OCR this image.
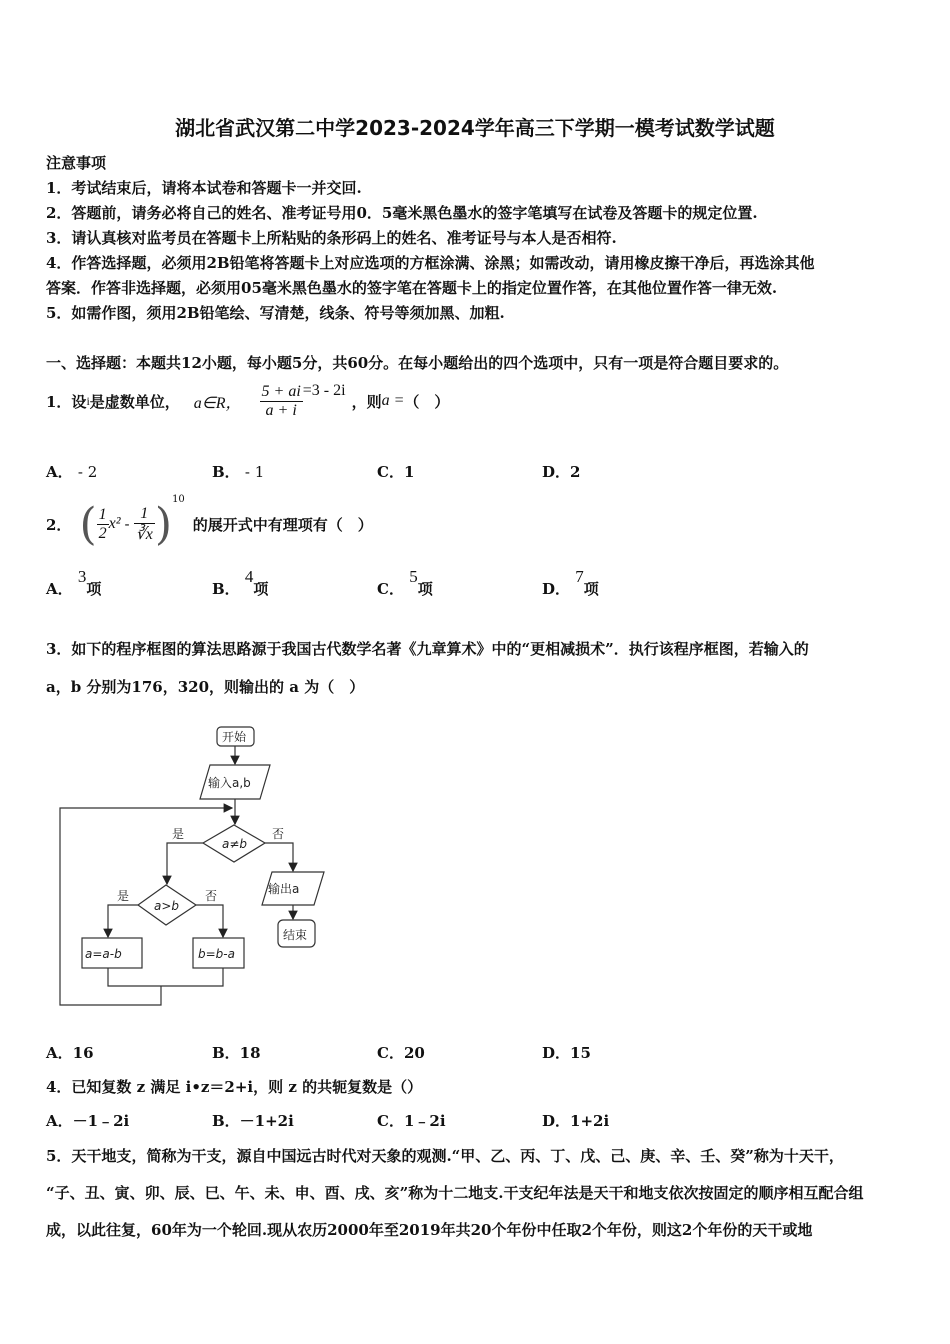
湖北省武汉第二中学2023-2024学年高三下学期一模考试数学试题
注意事项
1．考试结束后，请将本试卷和答题卡一并交回.
2．答题前，请务必将自己的姓名、准考证号用0．5毫米黑色墨水的签字笔填写在试卷及答题卡的规定位置.
3．请认真核对监考员在答题卡上所粘贴的条形码上的姓名、准考证号与本人是否相符.
4．作答选择题，必须用2B铅笔将答题卡上对应选项的方框涂满、涂黑；如需改动，请用橡皮擦干净后，再选涂其他
答案．作答非选择题，必须用05毫米黑色墨水的签字笔在答题卡上的指定位置作答，在其他位置作答一律无效.
5．如需作图，须用2B铅笔绘、写清楚，线条、符号等须加黑、加粗.
一、选择题：本题共12小题，每小题5分，共60分。在每小题给出的四个选项中，只有一项是符合题目要求的。
1．设 i 是虚数单位， a∈R， $\frac{5 + ai}{a + i} =3 - 2i$
，则 a = （　）
A． - 2	B． - 1	C．1	D．2
2． ( $\frac{1}{2} x^2 - \frac{1}{∛x}$ ) 10
的展开式中有理项有（　）
A． 3项	B． 4项	C． 5项	D． 7项
3．如下的程序框图的算法思路源于我国古代数学名著《九章算术》中的“更相减损术”．执行该程序框图，若输入的
a，b 分别为176，320，则输出的 a 为（　）
开始
输入a,b
a≠b
是	否
a>b
是	否
a=a-b	b=b-a
输出a
结束
A．16	B．18	C．20	D．15
4．已知复数 z 满足 i•z＝2+i，则 z 的共轭复数是（）
A．－1﹣2i	B．－1+2i	C．1﹣2i	D．1+2i
5．天干地支，简称为干支，源自中国远古时代对天象的观测.“甲、乙、丙、丁、戊、己、庚、辛、壬、癸”称为十天干，
“子、丑、寅、卯、辰、巳、午、未、申、酉、戌、亥”称为十二地支.干支纪年法是天干和地支依次按固定的顺序相互配合组
成，以此往复，60年为一个轮回.现从农历2000年至2019年共20个年份中任取2个年份，则这2个年份的天干或地
